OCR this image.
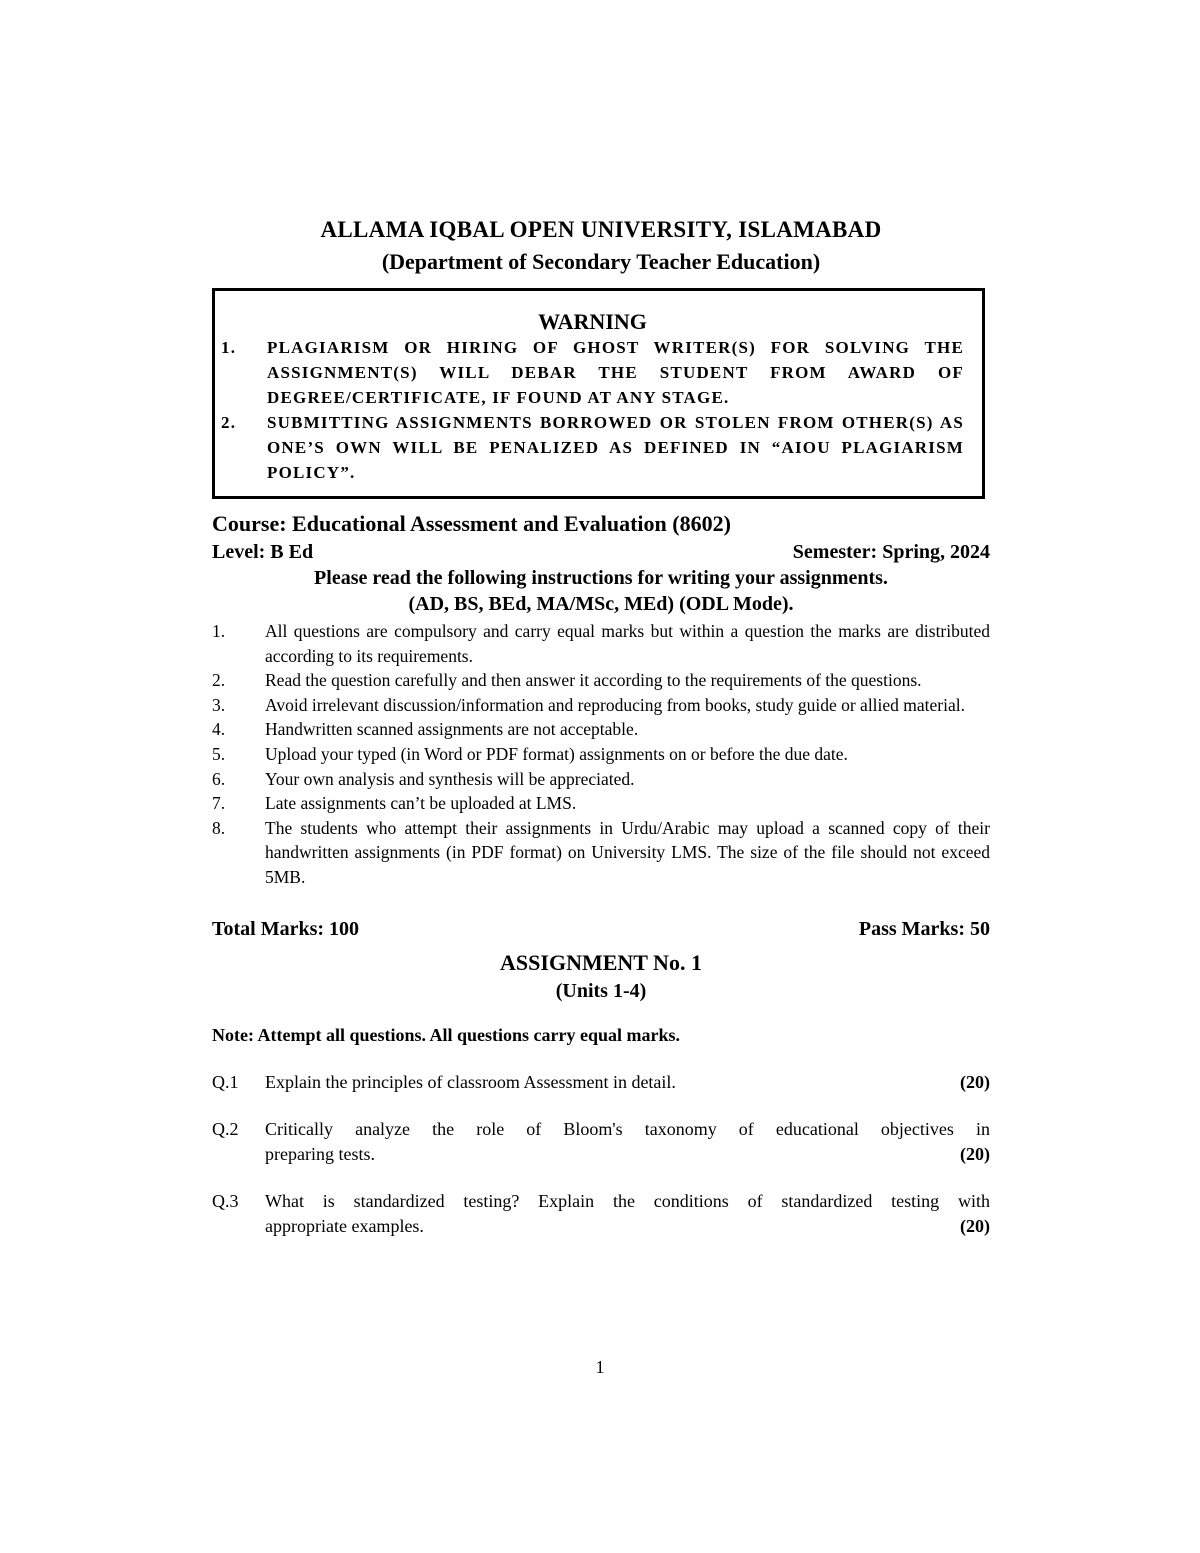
ALLAMA IQBAL OPEN UNIVERSITY, ISLAMABAD
(Department of Secondary Teacher Education)
WARNING
1.	PLAGIARISM OR HIRING OF GHOST WRITER(S) FOR SOLVING THE ASSIGNMENT(S) WILL DEBAR THE STUDENT FROM AWARD OF DEGREE/CERTIFICATE, IF FOUND AT ANY STAGE.
2.	SUBMITTING ASSIGNMENTS BORROWED OR STOLEN FROM OTHER(S) AS ONE’S OWN WILL BE PENALIZED AS DEFINED IN “AIOU PLAGIARISM POLICY”.
Course: Educational Assessment and Evaluation (8602)
Level: B Ed	Semester: Spring, 2024
Please read the following instructions for writing your assignments.
(AD, BS, BEd, MA/MSc, MEd) (ODL Mode).
1.	All questions are compulsory and carry equal marks but within a question the marks are distributed according to its requirements.
2.	Read the question carefully and then answer it according to the requirements of the questions.
3.	Avoid irrelevant discussion/information and reproducing from books, study guide or allied material.
4.	Handwritten scanned assignments are not acceptable.
5.	Upload your typed (in Word or PDF format) assignments on or before the due date.
6.	Your own analysis and synthesis will be appreciated.
7.	Late assignments can’t be uploaded at LMS.
8.	The students who attempt their assignments in Urdu/Arabic may upload a scanned copy of their handwritten assignments (in PDF format) on University LMS. The size of the file should not exceed 5MB.
Total Marks: 100	Pass Marks: 50
ASSIGNMENT No. 1
(Units 1-4)
Note: Attempt all questions. All questions carry equal marks.
Q.1	Explain the principles of classroom Assessment in detail.	(20)
Q.2	Critically analyze the role of Bloom's taxonomy of educational objectives in
preparing tests.	(20)
Q.3	What is standardized testing? Explain the conditions of standardized testing with
appropriate examples.	(20)
1
